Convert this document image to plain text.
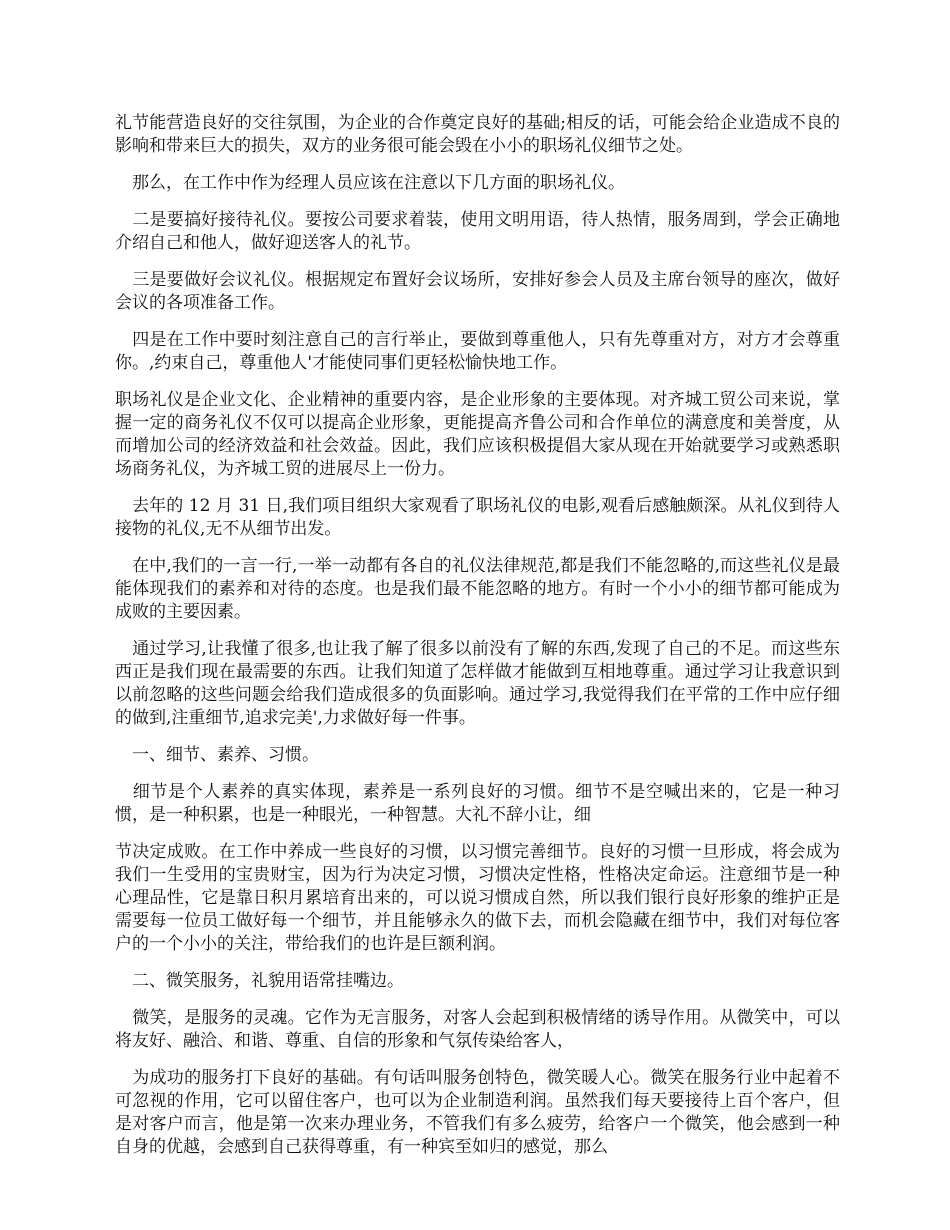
礼节能营造良好的交往氛围，为企业的合作奠定良好的基础;相反的话，可能会给企业造成不良的影响和带来巨大的损失，双方的业务很可能会毁在小小的职场礼仪细节之处。

　那么，在工作中作为经理人员应该在注意以下几方面的职场礼仪。

　二是要搞好接待礼仪。要按公司要求着装，使用文明用语，待人热情，服务周到，学会正确地介绍自己和他人，做好迎送客人的礼节。

　三是要做好会议礼仪。根据规定布置好会议场所，安排好参会人员及主席台领导的座次，做好会议的各项准备工作。

　四是在工作中要时刻注意自己的言行举止，要做到尊重他人，只有先尊重对方，对方才会尊重你。,约束自己，尊重他人'才能使同事们更轻松愉快地工作。

职场礼仪是企业文化、企业精神的重要内容，是企业形象的主要体现。对齐城工贸公司来说，掌握一定的商务礼仪不仅可以提高企业形象，更能提高齐鲁公司和合作单位的满意度和美誉度，从而增加公司的经济效益和社会效益。因此，我们应该积极提倡大家从现在开始就要学习或熟悉职场商务礼仪，为齐城工贸的进展尽上一份力。

　去年的 12 月 31 日,我们项目组织大家观看了职场礼仪的电影,观看后感触颇深。从礼仪到待人接物的礼仪,无不从细节出发。

　在中,我们的一言一行,一举一动都有各自的礼仪法律规范,都是我们不能忽略的,而这些礼仪是最能体现我们的素养和对待的态度。也是我们最不能忽略的地方。有时一个小小的细节都可能成为成败的主要因素。

　通过学习,让我懂了很多,也让我了解了很多以前没有了解的东西,发现了自己的不足。而这些东西正是我们现在最需要的东西。让我们知道了怎样做才能做到互相地尊重。通过学习让我意识到以前忽略的这些问题会给我们造成很多的负面影响。通过学习,我觉得我们在平常的工作中应仔细的做到,注重细节,追求完美',力求做好每一件事。

　一、细节、素养、习惯。

　细节是个人素养的真实体现，素养是一系列良好的习惯。细节不是空喊出来的，它是一种习惯，是一种积累，也是一种眼光，一种智慧。大礼不辞小让，细

节决定成败。在工作中养成一些良好的习惯，以习惯完善细节。良好的习惯一旦形成，将会成为我们一生受用的宝贵财宝，因为行为决定习惯，习惯决定性格，性格决定命运。注意细节是一种心理品性，它是靠日积月累培育出来的，可以说习惯成自然，所以我们银行良好形象的维护正是需要每一位员工做好每一个细节，并且能够永久的做下去，而机会隐藏在细节中，我们对每位客户的一个小小的关注，带给我们的也许是巨额利润。

　二、微笑服务，礼貌用语常挂嘴边。

　微笑，是服务的灵魂。它作为无言服务，对客人会起到积极情绪的诱导作用。从微笑中，可以将友好、融洽、和谐、尊重、自信的形象和气氛传染给客人，

　为成功的服务打下良好的基础。有句话叫服务创特色，微笑暖人心。微笑在服务行业中起着不可忽视的作用，它可以留住客户，也可以为企业制造利润。虽然我们每天要接待上百个客户，但是对客户而言，他是第一次来办理业务，不管我们有多么疲劳，给客户一个微笑，他会感到一种自身的优越，会感到自己获得尊重，有一种宾至如归的感觉，那么
